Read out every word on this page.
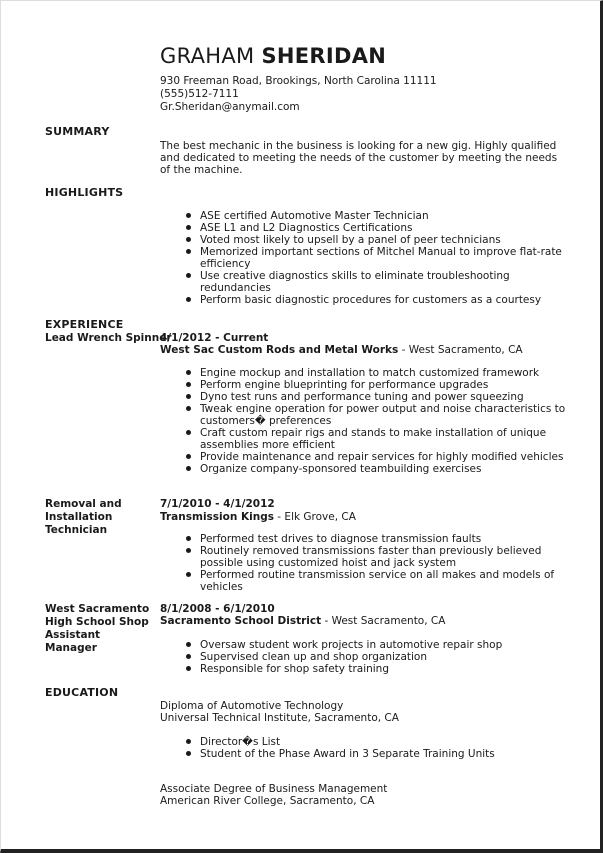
GRAHAM SHERIDAN
930 Freeman Road, Brookings, North Carolina 11111
(555)512-7111
Gr.Sheridan@anymail.com
SUMMARY
The best mechanic in the business is looking for a new gig. Highly qualified and dedicated to meeting the needs of the customer by meeting the needs of the machine.
HIGHLIGHTS
ASE certified Automotive Master Technician
ASE L1 and L2 Diagnostics Certifications
Voted most likely to upsell by a panel of peer technicians
Memorized important sections of Mitchel Manual to improve flat-rate efficiency
Use creative diagnostics skills to eliminate troubleshooting redundancies
Perform basic diagnostic procedures for customers as a courtesy
EXPERIENCE
Lead Wrench Spinner
4/1/2012 - Current
West Sac Custom Rods and Metal Works - West Sacramento, CA
Engine mockup and installation to match customized framework
Perform engine blueprinting for performance upgrades
Dyno test runs and performance tuning and power squeezing
Tweak engine operation for power output and noise characteristics to customers� preferences
Craft custom repair rigs and stands to make installation of unique assemblies more efficient
Provide maintenance and repair services for highly modified vehicles
Organize company-sponsored teambuilding exercises
Removal and Installation Technician
7/1/2010 - 4/1/2012
Transmission Kings - Elk Grove, CA
Performed test drives to diagnose transmission faults
Routinely removed transmissions faster than previously believed possible using customized hoist and jack system
Performed routine transmission service on all makes and models of vehicles
West Sacramento High School Shop Assistant Manager
8/1/2008 - 6/1/2010
Sacramento School District - West Sacramento, CA
Oversaw student work projects in automotive repair shop
Supervised clean up and shop organization
Responsible for shop safety training
EDUCATION
Diploma of Automotive Technology
Universal Technical Institute, Sacramento, CA
Director�s List
Student of the Phase Award in 3 Separate Training Units
Associate Degree of Business Management
American River College, Sacramento, CA
